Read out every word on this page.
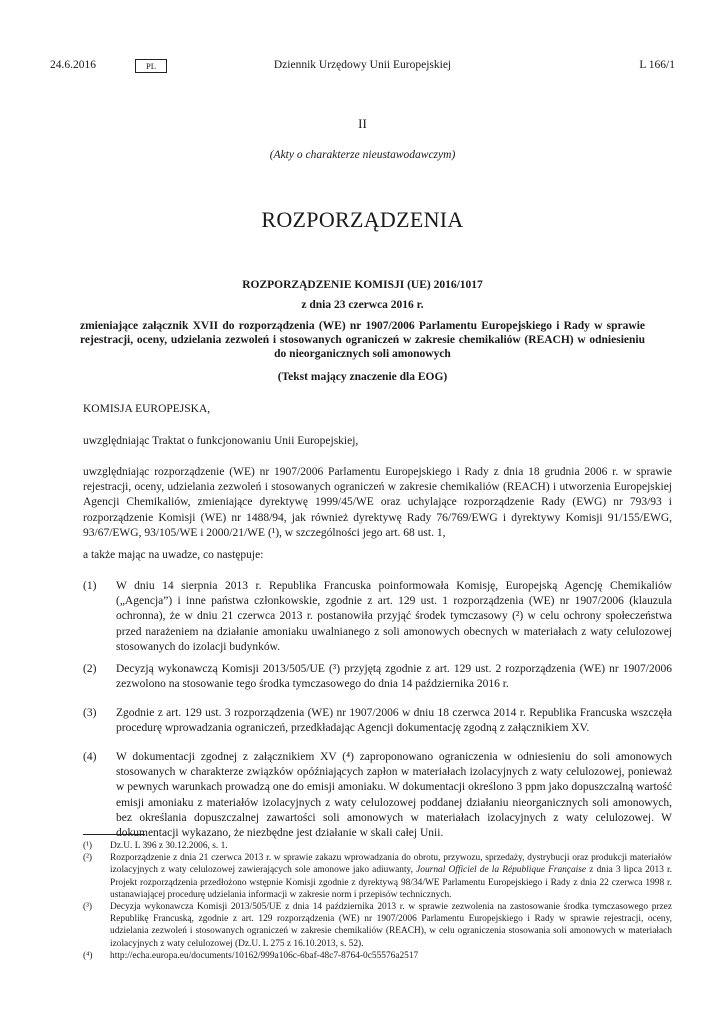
24.6.2016	PL	Dziennik Urzędowy Unii Europejskiej	L 166/1
II
(Akty o charakterze nieustawodawczym)
ROZPORZĄDZENIA
ROZPORZĄDZENIE KOMISJI (UE) 2016/1017
z dnia 23 czerwca 2016 r.
zmieniające załącznik XVII do rozporządzenia (WE) nr 1907/2006 Parlamentu Europejskiego i Rady w sprawie rejestracji, oceny, udzielania zezwoleń i stosowanych ograniczeń w zakresie chemikaliów (REACH) w odniesieniu do nieorganicznych soli amonowych
(Tekst mający znaczenie dla EOG)

KOMISJA EUROPEJSKA,

uwzględniając Traktat o funkcjonowaniu Unii Europejskiej,

uwzględniając rozporządzenie (WE) nr 1907/2006 Parlamentu Europejskiego i Rady z dnia 18 grudnia 2006 r. w sprawie rejestracji, oceny, udzielania zezwoleń i stosowanych ograniczeń w zakresie chemikaliów (REACH) i utworzenia Europejskiej Agencji Chemikaliów, zmieniające dyrektywę 1999/45/WE oraz uchylające rozporządzenie Rady (EWG) nr 793/93 i rozporządzenie Komisji (WE) nr 1488/94, jak również dyrektywę Rady 76/769/EWG i dyrektywy Komisji 91/155/EWG, 93/67/EWG, 93/105/WE i 2000/21/WE (¹), w szczególności jego art. 68 ust. 1,

a także mając na uwadze, co następuje:

(1) W dniu 14 sierpnia 2013 r. Republika Francuska poinformowała Komisję, Europejską Agencję Chemikaliów („Agencja”) i inne państwa członkowskie, zgodnie z art. 129 ust. 1 rozporządzenia (WE) nr 1907/2006 (klauzula ochronna), że w dniu 21 czerwca 2013 r. postanowiła przyjąć środek tymczasowy (²) w celu ochrony społeczeństwa przed narażeniem na działanie amoniaku uwalnianego z soli amonowych obecnych w materiałach z waty celulozowej stosowanych do izolacji budynków.

(2) Decyzją wykonawczą Komisji 2013/505/UE (³) przyjętą zgodnie z art. 129 ust. 2 rozporządzenia (WE) nr 1907/2006 zezwolono na stosowanie tego środka tymczasowego do dnia 14 października 2016 r.

(3) Zgodnie z art. 129 ust. 3 rozporządzenia (WE) nr 1907/2006 w dniu 18 czerwca 2014 r. Republika Francuska wszczęła procedurę wprowadzania ograniczeń, przedkładając Agencji dokumentację zgodną z załącznikiem XV.

(4) W dokumentacji zgodnej z załącznikiem XV (⁴) zaproponowano ograniczenia w odniesieniu do soli amonowych stosowanych w charakterze związków opóźniających zapłon w materiałach izolacyjnych z waty celulozowej, ponieważ w pewnych warunkach prowadzą one do emisji amoniaku. W dokumentacji określono 3 ppm jako dopuszczalną wartość emisji amoniaku z materiałów izolacyjnych z waty celulozowej poddanej działaniu nieorganicznych soli amonowych, bez określania dopuszczalnej zawartości soli amonowych w materiałach izolacyjnych z waty celulozowej. W dokumentacji wykazano, że niezbędne jest działanie w skali całej Unii.

(¹) Dz.U. L 396 z 30.12.2006, s. 1.

(²) Rozporządzenie z dnia 21 czerwca 2013 r. w sprawie zakazu wprowadzania do obrotu, przywozu, sprzedaży, dystrybucji oraz produkcji materiałów izolacyjnych z waty celulozowej zawierających sole amonowe jako adiuwanty, Journal Officiel de la République Française z dnia 3 lipca 2013 r. Projekt rozporządzenia przedłożono wstępnie Komisji zgodnie z dyrektywą 98/34/WE Parlamentu Europejskiego i Rady z dnia 22 czerwca 1998 r. ustanawiającej procedurę udzielania informacji w zakresie norm i przepisów technicznych.

(³) Decyzja wykonawcza Komisji 2013/505/UE z dnia 14 października 2013 r. w sprawie zezwolenia na zastosowanie środka tymczasowego przez Republikę Francuską, zgodnie z art. 129 rozporządzenia (WE) nr 1907/2006 Parlamentu Europejskiego i Rady w sprawie rejestracji, oceny, udzielania zezwoleń i stosowanych ograniczeń w zakresie chemikaliów (REACH), w celu ograniczenia stosowania soli amonowych w materiałach izolacyjnych z waty celulozowej (Dz.U. L 275 z 16.10.2013, s. 52).

(⁴) http://echa.europa.eu/documents/10162/999a106c-6baf-48c7-8764-0c55576a2517
